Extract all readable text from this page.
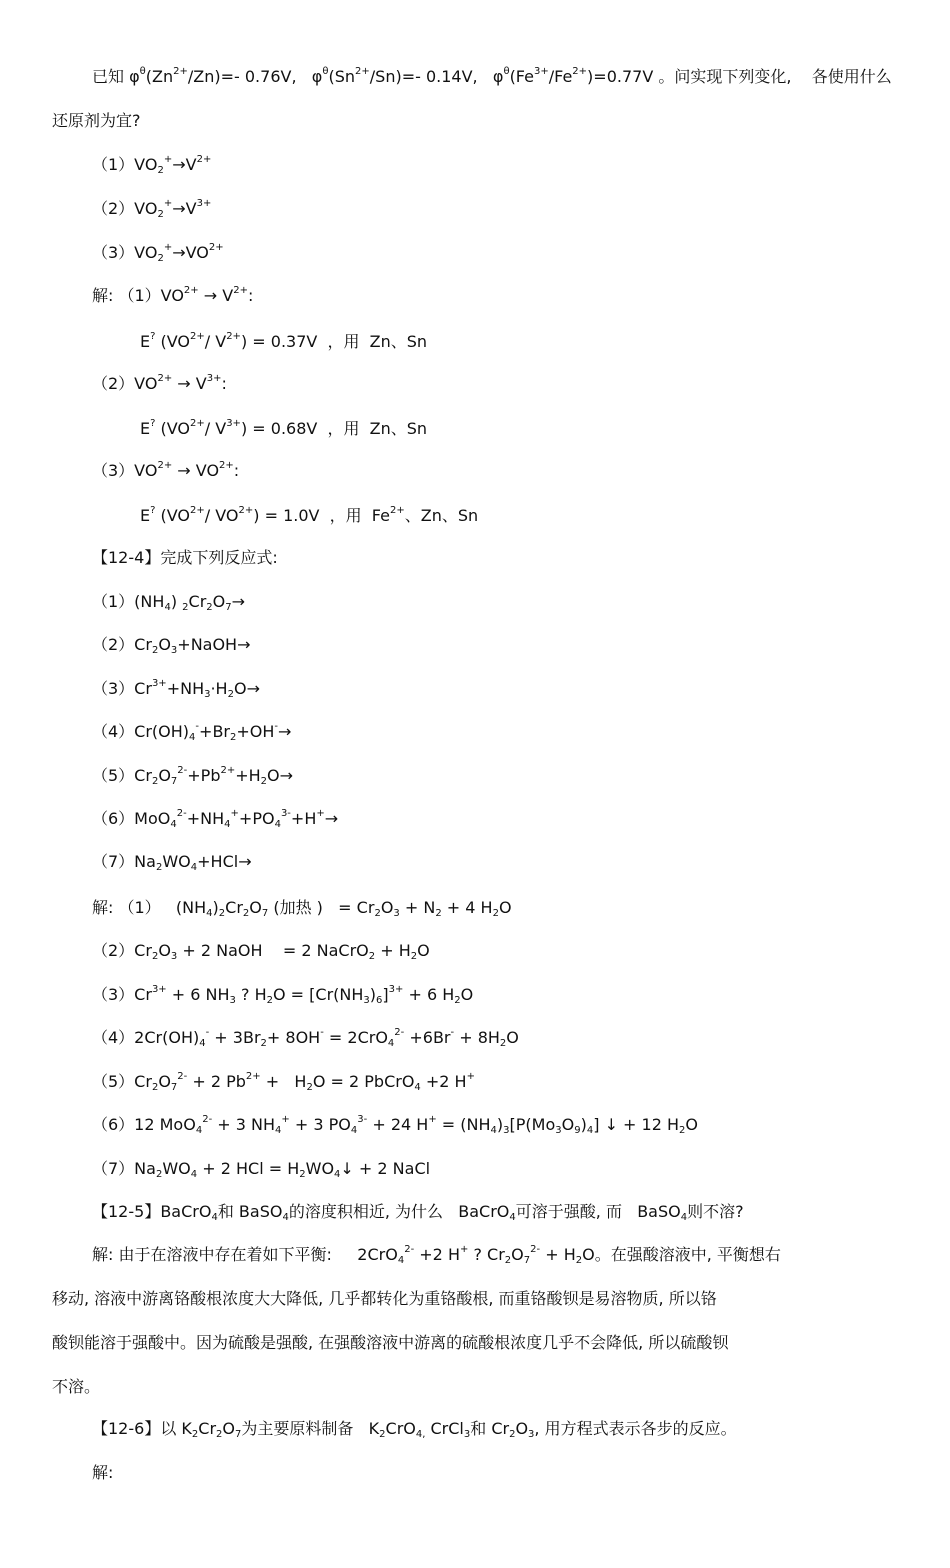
已知 $\varphi^\theta(Zn^{2+}/Zn)=-$ 0.76V,   $\varphi^\theta(Sn^{2+}/Sn)=-$ 0.14V,   $\varphi^\theta(Fe^{3+}/Fe^{2+})=0.77V$ 。问实现下列变化,    各使用什么
还原剂为宜?
$(1)VO_2^+\to V^{2+}$
$(2)VO_2^+\to V^{3+}$
$(3)VO_2^+\to VO^{2+}$
解: $(1)VO^{2+} \to V^{2+}$:
E? ($VO^{2+}/$ $V^{2+}) = 0.37V$  ，用  Zn、Sn
$(2)VO^{2+} \to V^{3+}$:
E? ($VO^{2+}/$ $V^{3+}) = 0.68V$  ，用  Zn、Sn
$(3)VO^{2+} \to VO^{2+}$:
E? ($VO^{2+}/$ $VO^{2+}) = 1.0V$  ，用  $Fe^{2+}$、Zn、Sn
【12-4】完成下列反应式:
$(1)(NH_4)$ $_2Cr_2O_7\to$
$(2)Cr_2O_3+NaOH\to$
$(3)Cr^{3+}+NH_3\cdot H_2O\to$
$(4)Cr(OH)_4^-+Br_2+OH^-\to$
$(5)Cr_2O_7^{2-}+Pb^{2+}+H_2O\to$
$(6)MoO_4^{2-}+NH_4^++PO_4^{3-}+H^+\to$
$(7)Na_2WO_4+HCl\to$
解: （1）   $(NH_4)_2Cr_2O_7$ (加热 )   = $Cr_2O_3 + N_2 + 4$ $H_2O$
$(2)Cr_2O_3 + 2$ NaOH    = 2 NaCrO$_2$ + $H_2O$
$(3)Cr^{3+} + 6$ $NH_3$ ? $H_2O = [Cr(NH_3)_6]^{3+} + 6$ $H_2O$
$(4)2Cr(OH)_4^- + 3Br_2+ 8OH^- = 2CrO_4^{2-} +6Br^- + 8H_2O$
$(5)Cr_2O_7^{2-} + 2$ $Pb^{2+} + H_2O = 2$ PbCrO$_4$ +2 H+
（6）12 MoO$_4^{2-}$ + 3 $NH_4^+ + 3$ $PO_4^{3-} + 24$ $H^+ = (NH_4)_3[P(Mo_3O_9)_4]$ ↓ + 12 $H_2O$
$(7)Na_2WO_4 + 2$ HCl = $H_2WO_4↓ + 2$ NaCl
【12-5】BaCrO$_4$和 BaSO$_4$的溶度积相近, 为什么   BaCrO$_4$可溶于强酸, 而   BaSO$_4$则不溶?
解: 由于在溶液中存在着如下平衡:     2CrO$_4^{2-}$ +2 H+ ? $Cr_2O_7^{2-} + H_2O$。在强酸溶液中, 平衡想右
移动, 溶液中游离铬酸根浓度大大降低, 几乎都转化为重铬酸根, 而重铬酸钡是易溶物质, 所以铬
酸钡能溶于强酸中。因为硫酸是强酸, 在强酸溶液中游离的硫酸根浓度几乎不会降低, 所以硫酸钡
不溶。
【12-6】以 $K_2Cr_2O_7$为主要原料制备   $K_2CrO_{4,}$ CrCl$_3$和 $Cr_2O_3$, 用方程式表示各步的反应。
解:
